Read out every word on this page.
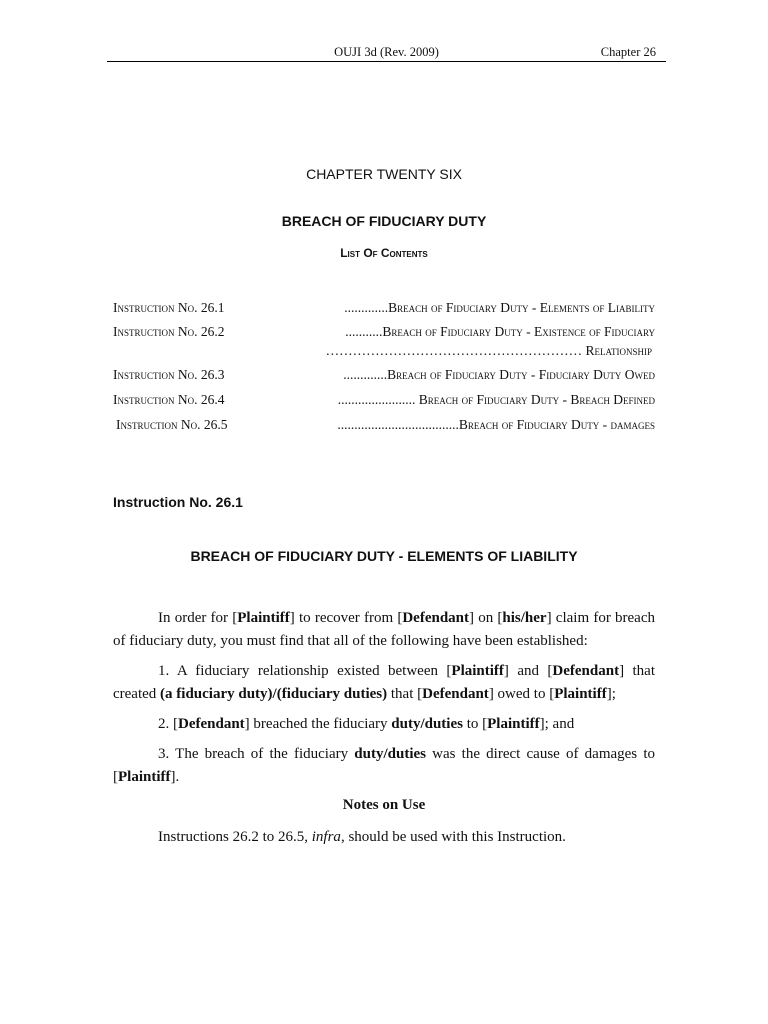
OUJI 3d (Rev. 2009)	Chapter 26
CHAPTER TWENTY SIX
BREACH OF FIDUCIARY DUTY
List Of Contents
Instruction No. 26.1	.............Breach of Fiduciary Duty - Elements of Liability
Instruction No. 26.2	...........Breach of Fiduciary Duty - Existence of Fiduciary
………………………………………………… Relationship
Instruction No. 26.3	.............Breach of Fiduciary Duty - Fiduciary Duty Owed
Instruction No. 26.4	....................... Breach of Fiduciary Duty - Breach Defined
Instruction No. 26.5	....................................Breach of Fiduciary Duty - damages
Instruction No. 26.1
BREACH OF FIDUCIARY DUTY - ELEMENTS OF LIABILITY

In order for [Plaintiff] to recover from [Defendant] on [his/her] claim for breach of fiduciary duty, you must find that all of the following have been established:

1. A fiduciary relationship existed between [Plaintiff] and [Defendant] that created (a fiduciary duty)/(fiduciary duties) that [Defendant] owed to [Plaintiff];

2. [Defendant] breached the fiduciary duty/duties to [Plaintiff]; and

3. The breach of the fiduciary duty/duties was the direct cause of damages to [Plaintiff].

Notes on Use

Instructions 26.2 to 26.5, infra, should be used with this Instruction.
